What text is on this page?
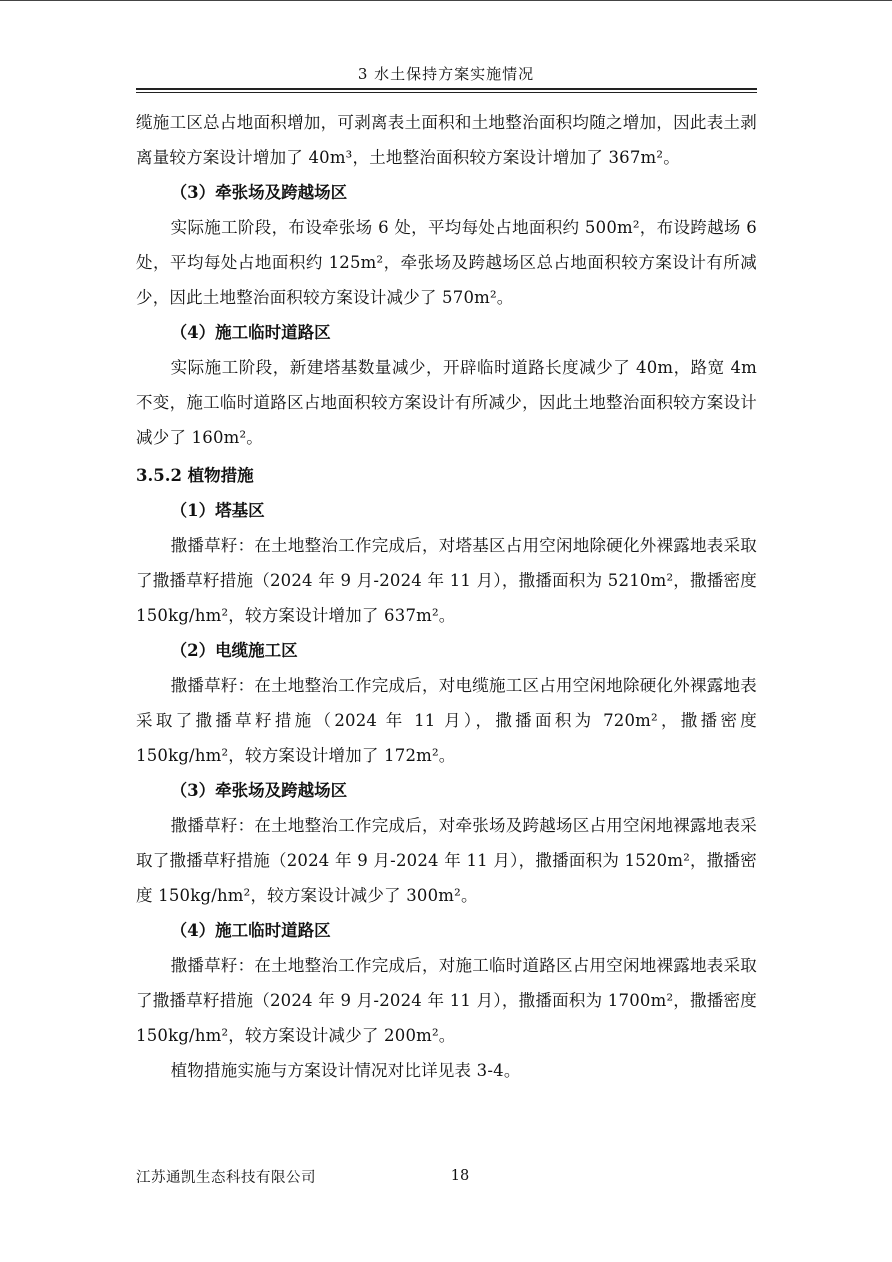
3 水土保持方案实施情况

缆施工区总占地面积增加，可剥离表土面积和土地整治面积均随之增加，因此表土剥离量较方案设计增加了 40m³，土地整治面积较方案设计增加了 367m²。

（3）牵张场及跨越场区

实际施工阶段，布设牵张场 6 处，平均每处占地面积约 500m²，布设跨越场 6 处，平均每处占地面积约 125m²，牵张场及跨越场区总占地面积较方案设计有所减少，因此土地整治面积较方案设计减少了 570m²。

（4）施工临时道路区

实际施工阶段，新建塔基数量减少，开辟临时道路长度减少了 40m，路宽 4m 不变，施工临时道路区占地面积较方案设计有所减少，因此土地整治面积较方案设计减少了 160m²。

3.5.2 植物措施

（1）塔基区

撒播草籽：在土地整治工作完成后，对塔基区占用空闲地除硬化外裸露地表采取了撒播草籽措施（2024 年 9 月-2024 年 11 月），撒播面积为 5210m²，撒播密度 150kg/hm²，较方案设计增加了 637m²。

（2）电缆施工区

撒播草籽：在土地整治工作完成后，对电缆施工区占用空闲地除硬化外裸露地表采取了撒播草籽措施（2024 年 11 月），撒播面积为 720m²，撒播密度 150kg/hm²，较方案设计增加了 172m²。

（3）牵张场及跨越场区

撒播草籽：在土地整治工作完成后，对牵张场及跨越场区占用空闲地裸露地表采取了撒播草籽措施（2024 年 9 月-2024 年 11 月），撒播面积为 1520m²，撒播密度 150kg/hm²，较方案设计减少了 300m²。

（4）施工临时道路区

撒播草籽：在土地整治工作完成后，对施工临时道路区占用空闲地裸露地表采取了撒播草籽措施（2024 年 9 月-2024 年 11 月），撒播面积为 1700m²，撒播密度 150kg/hm²，较方案设计减少了 200m²。

植物措施实施与方案设计情况对比详见表 3-4。

江苏通凯生态科技有限公司	18
